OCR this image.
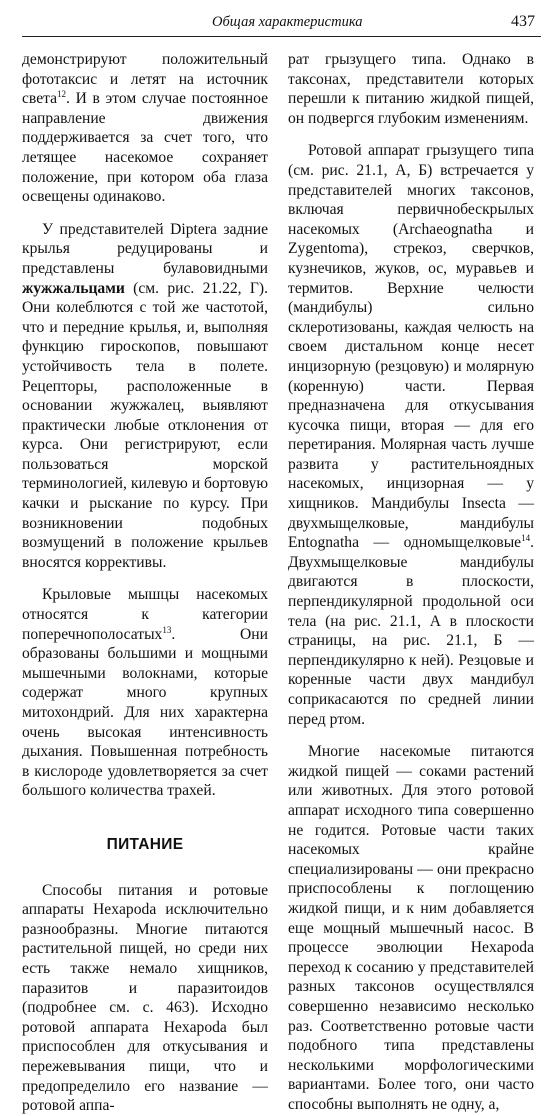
Общая характеристика	437

демонстрируют положительный фототаксис и летят на источник света$^{12}$. И в этом случае постоянное направление движения поддерживается за счет того, что летящее насекомое сохраняет положение, при котором оба глаза освещены одинаково.

У представителей Diptera задние крылья редуцированы и представлены булавовидными жужжальцами (см. рис. 21.22, Г). Они колеблются с той же частотой, что и передние крылья, и, выполняя функцию гироскопов, повышают устойчивость тела в полете. Рецепторы, расположенные в основании жужжалец, выявляют практически любые отклонения от курса. Они регистрируют, если пользоваться морской терминологией, килевую и бортовую качки и рыскание по курсу. При возникновении подобных возмущений в положение крыльев вносятся коррективы.

Крыловые мышцы насекомых относятся к категории поперечнополосатых$^{13}$. Они образованы большими и мощными мышечными волокнами, которые содержат много крупных митохондрий. Для них характерна очень высокая интенсивность дыхания. Повышенная потребность в кислороде удовлетворяется за счет большого количества трахей.

ПИТАНИЕ

Способы питания и ротовые аппараты Hexapoda исключительно разнообразны. Многие питаются растительной пищей, но среди них есть также немало хищников, паразитов и паразитоидов (подробнее см. с. 463). Исходно ротовой аппарата Hexapoda был приспособлен для откусывания и пережевывания пищи, что и предопределило его название — ротовой аппа-

рат грызущего типа. Однако в таксонах, представители которых перешли к питанию жидкой пищей, он подвергся глубоким изменениям.

Ротовой аппарат грызущего типа (см. рис. 21.1, А, Б) встречается у представителей многих таксонов, включая первичнобескрылых насекомых (Archaeognatha и Zygentoma), стрекоз, сверчков, кузнечиков, жуков, ос, муравьев и термитов. Верхние челюсти (мандибулы) сильно склеротизованы, каждая челюсть на своем дистальном конце несет инцизорную (резцовую) и молярную (коренную) части. Первая предназначена для откусывания кусочка пищи, вторая — для его перетирания. Молярная часть лучше развита у растительноядных насекомых, инцизорная — у хищников. Мандибулы Insecta — двухмыщелковые, мандибулы Entognatha — одномыщелковые$^{14}$. Двухмыщелковые мандибулы двигаются в плоскости, перпендикулярной продольной оси тела (на рис. 21.1, А в плоскости страницы, на рис. 21.1, Б — перпендикулярно к ней). Резцовые и коренные части двух мандибул соприкасаются по средней линии перед ртом.

Многие насекомые питаются жидкой пищей — соками растений или животных. Для этого ротовой аппарат исходного типа совершенно не годится. Ротовые части таких насекомых крайне специализированы — они прекрасно приспособлены к поглощению жидкой пищи, и к ним добавляется еще мощный мышечный насос. В процессе эволюции Hexapoda переход к сосанию у представителей разных таксонов осуществлялся совершенно независимо несколько раз. Соответственно ротовые части подобного типа представлены несколькими морфологическими вариантами. Более того, они часто способны выполнять не одну, а,
